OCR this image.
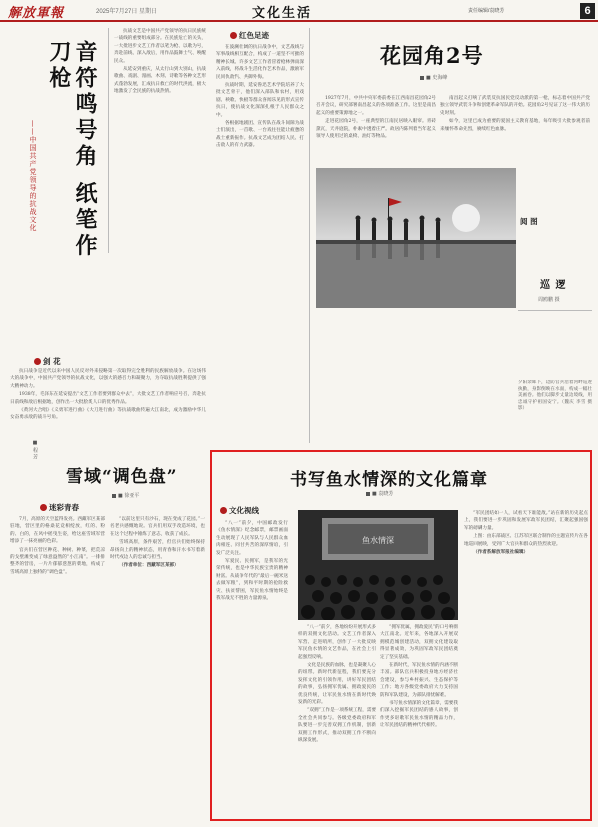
解放軍報	2025年7月27日 星期日	文化生活	责任编辑/袁晓芳	6
音符鸣号角 纸笔作刀枪
——中国共产党领导的抗战文化
■ 程 芳

抗战文艺是中国共产党领导的抗日民族统一战线的重要组成部分。在民族危亡的关头，一大批进步文艺工作者以笔为枪、以歌为号，奔赴前线、深入敌后，用作品鼓舞士气、唤醒民众。

从延安到重庆，从太行山到大别山，抗战歌曲、戏剧、漫画、木刻、诗歌等各种文艺形式蓬勃发展，汇成抗日救亡的时代洪流，极大地激发了全民族的抗战热情。

剑 花

抗日战争是近代以来中国人民反对外来侵略第一次取得完全胜利的民族解放战争。在这场伟大的战争中，中国共产党领导的抗战文化，以强大的感召力和凝聚力，为夺取抗战胜利提供了强大精神动力。

1938年，毛泽东在延安提出“文艺工作者要到群众中去”，大批文艺工作者响应号召，奔赴抗日前线和敌后根据地，创作出一大批脍炙人口的优秀作品。

《黄河大合唱》《义勇军进行曲》《大刀进行曲》等抗战歌曲传遍大江南北，成为激励中华儿女奋勇杀敌的战斗号角。

红色足迹

在波澜壮阔的抗日战争中，文艺战线与军事战线相互配合，构成了一道坚不可摧的精神长城。许多文艺工作者冒着枪林弹雨深入前线，将战斗生活化作艺术作品，激励军民同仇敌忾、共御外侮。

抗战时期，延安鲁迅艺术学院培养了大批文艺骨干，他们深入部队和农村，用戏剧、秧歌、快板等群众喜闻乐见的形式宣传抗日，使抗战文化深深扎根于人民群众之中。

各根据地剧团、宣传队在战斗间隙为战士们演出，一首歌、一台戏往往能让疲惫的战士重新振作。抗战文艺成为团结人民、打击敌人的有力武器。

花园角2号
■ 史海峰

1927年7月，中共中央军委前委在江西南昌花园角2号召开会议，研究部署南昌起义的各项准备工作。这里是南昌起义的重要策源地之一。

走进花园角2号，一座典型的江南民居映入眼帘。青砖黛瓦，天井庭院，朴素中透着庄严。故居内陈列着当年起义领导人使用过的桌椅、油灯等物品。

南昌起义打响了武装反抗国民党反动派的第一枪，标志着中国共产党独立领导武装斗争和创建革命军队的开始。花园角2号见证了这一伟大的历史时刻。

如今，这里已成为重要的爱国主义教育基地，每年吸引大批参观者前来缅怀革命先烈，赓续红色血脉。

阅 图
巡 逻
周鸥鹏 摄
夕阳余晖下，边防官兵沿着河畔巡逻执勤，身影倒映在水面，构成一幅壮美画卷。他们以脚步丈量边境线，用忠诚守护祖国安宁。（魏庆 李雪 摄影）
雪域“调色盘”
■ 徐亚平
迷彩青春

7月，高原的天空蓝得发亮。西藏军区某部驻地，营区里的格桑花竞相绽放，红的、粉的、白的，在风中摇曳生姿，给这座雪域军营增添了一抹亮丽的色彩。

官兵们在营区种花、种树、种菜，把荒凉的戈壁滩变成了绿意盎然的“小江南”。一排排整齐的营房，一片片郁郁葱葱的菜地，构成了雪域高原上独特的“调色盘”。

“以前这里只有沙石，现在变成了花园。”一名老兵感慨地说。官兵们用双手改造环境，也在这个过程中锤炼了意志，收获了成长。

雪域高原，条件艰苦，但官兵们始终保持昂扬向上的精神状态，用青春和汗水书写着新时代戍边人的忠诚与担当。

（作者单位：西藏军区某部）

书写鱼水情深的文化篇章
■ 袁晓芳
文化视线

“八一”前夕，中国邮政发行《鱼水情深》纪念邮票，邮票画面生动展现了人民军队与人民群众血肉相连、同甘共苦的深厚情谊，引发广泛关注。

军爱民、民拥军，是我军的光荣传统，也是中华民族宝贵的精神财富。从战争年代的“最后一碗米送去做军粮”，到和平时期的抢险救灾、扶贫帮困，军民鱼水情始终是我军战无不胜的力量源泉。

鱼水情深

“八一”前夕，各地纷纷开展形式多样的双拥文化活动。文艺工作者深入军营、走进哨所，创作了一大批反映军民鱼水情的文艺作品，在社会上引起强烈反响。

文化是民族的血脉，也是凝聚人心的纽带。新时代新征程，我们要充分发挥文化的引领作用，讲好军民团结的故事，弘扬拥军优属、拥政爱民的优良传统，让军民鱼水情在新时代焕发新的光彩。

“双拥”工作是一项系统工程，需要全社会共同参与。各级党委政府和军队要进一步完善双拥工作机制，创新双拥工作形式，推动双拥工作不断向纵深发展。

“拥军优属，拥政爱民”的口号响彻大江南北。近年来，各地深入开展双拥模范城创建活动，双拥文化建设取得显著成效，为巩固军政军民团结奠定了坚实基础。

在新时代，军民鱼水情的内涵不断丰富。部队官兵积极投身地方经济社会建设，参与乡村振兴、生态保护等工作；地方各级党委政府大力支持国防和军队建设，为部队排忧解难。

书写鱼水情深的文化篇章，需要我们深入挖掘军民团结的感人故事，创作更多讴歌军民鱼水情的精品力作，让军民团结的精神代代相传。

“军民团结如一人，试看天下谁能敌。”站在新的历史起点上，我们要进一步巩固和发展军政军民团结，汇聚起强国强军的磅礴力量。

上图：由东部战区、江苏军区联合制作的主题宣传片在各地巡回展映，受到广大官兵和群众的热烈欢迎。

（作者系解放军报社编辑）
